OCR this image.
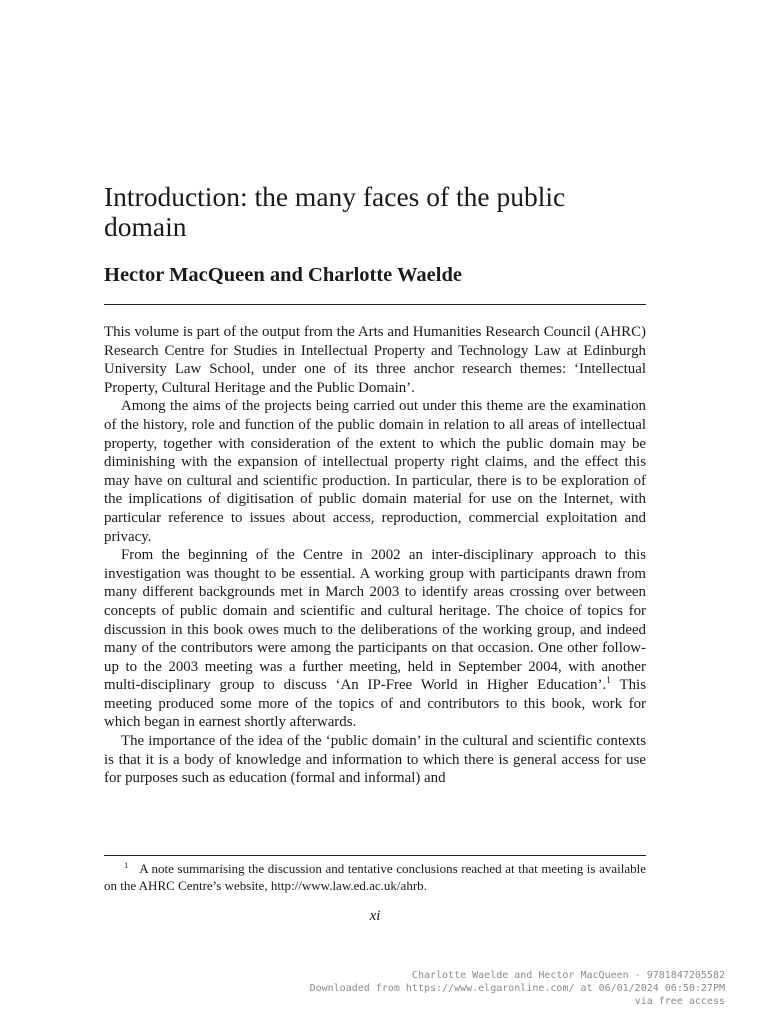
Introduction: the many faces of the public domain
Hector MacQueen and Charlotte Waelde

This volume is part of the output from the Arts and Humanities Research Council (AHRC) Research Centre for Studies in Intellectual Property and Technology Law at Edinburgh University Law School, under one of its three anchor research themes: ‘Intellectual Property, Cultural Heritage and the Public Domain’.

Among the aims of the projects being carried out under this theme are the examination of the history, role and function of the public domain in relation to all areas of intellectual property, together with consideration of the extent to which the public domain may be diminishing with the expansion of intellectual property right claims, and the effect this may have on cultural and scientific production. In particular, there is to be exploration of the implications of digitisation of public domain material for use on the Internet, with particular reference to issues about access, reproduction, commercial exploitation and privacy.

From the beginning of the Centre in 2002 an inter-disciplinary approach to this investigation was thought to be essential. A working group with participants drawn from many different backgrounds met in March 2003 to identify areas crossing over between concepts of public domain and scientific and cultural heritage. The choice of topics for discussion in this book owes much to the deliberations of the working group, and indeed many of the contributors were among the participants on that occasion. One other follow-up to the 2003 meeting was a further meeting, held in September 2004, with another multi-disciplinary group to discuss ‘An IP-Free World in Higher Education’.$^1$ This meeting produced some more of the topics of and contributors to this book, work for which began in earnest shortly afterwards.

The importance of the idea of the ‘public domain’ in the cultural and scientific contexts is that it is a body of knowledge and information to which there is general access for use for purposes such as education (formal and informal) and

$^1$ A note summarising the discussion and tentative conclusions reached at that meeting is available on the AHRC Centre’s website, http://www.law.ed.ac.uk/ahrb.

xi
Charlotte Waelde and Hector MacQueen - 9781847205582
Downloaded from https://www.elgaronline.com/ at 06/01/2024 06:50:27PM
via free access
